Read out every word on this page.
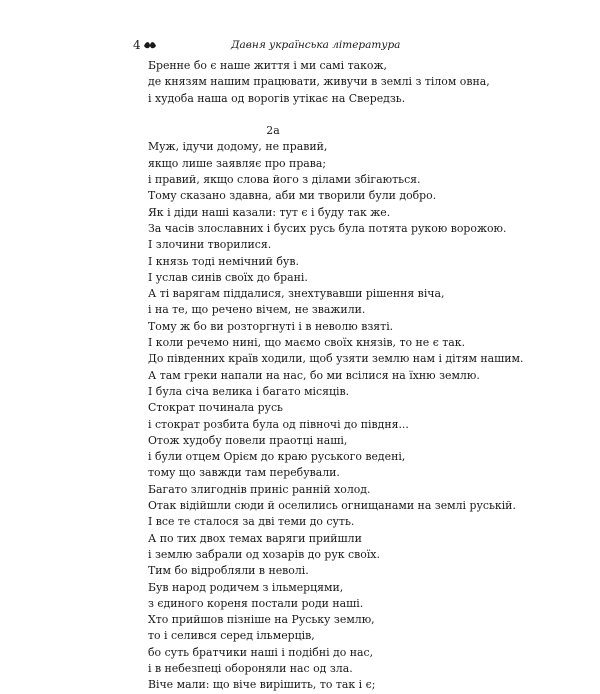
4	Давня українська література
Бренне бо є наше життя і ми самі також,
де князям нашим працювати, живучи в землі з тілом овна,
і худоба наша од ворогів утікає на Свередзь.
2а
Муж, ідучи додому, не правий,
якщо лише заявляє про права;
і правий, якщо слова його з ділами збігаються.
Тому сказано здавна, аби ми творили були добро.
Як і діди наші казали: тут є і буду так же.
За часів злославних і бусих русь була потята рукою ворожою.
І злочини творилися.
І князь тоді немічний був.
І услав синів своїх до брані.
А ті варягам піддалися, знехтувавши рішення віча,
і на те, що речено вічем, не зважили.
Тому ж бо ви розторгнуті і в неволю взяті.
І коли речемо нині, що маємо своїх князів, то не є так.
До південних країв ходили, щоб узяти землю нам і дітям нашим.
А там греки напали на нас, бо ми всілися на їхню землю.
І була січа велика і багато місяців.
Стократ починала русь
і стократ розбита була од півночі до півдня...
Отож худобу повели праотці наші,
і були отцем Орієм до краю руського ведені,
тому що завжди там перебували.
Багато злигоднів приніс ранній холод.
Отак відійшли сюди й оселились огнищанами на землі руській.
І все те сталося за дві теми до суть.
А по тих двох темах варяги прийшли
і землю забрали од хозарів до рук своїх.
Тим бо відробляли в неволі.
Був народ родичем з ільмерцями,
з єдиного кореня постали роди наші.
Хто прийшов пізніше на Руську землю,
то і селився серед ільмерців,
бо суть братчики наші і подібні до нас,
і в небезпеці обороняли нас од зла.
Віче мали: що віче вирішить, то так і є;
